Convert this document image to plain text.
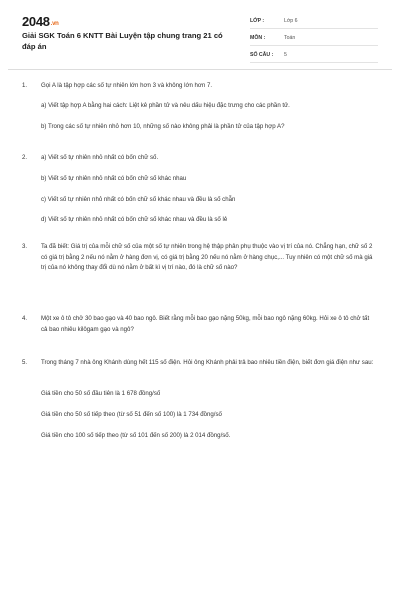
2048.vn
Giải SGK Toán 6 KNTT Bài Luyện tập chung trang 21 có đáp án
LỚP :	Lớp 6
MÔN :	Toán
SỐ CÂU :	5
1. Gọi A là tập hợp các số tự nhiên lớn hơn 3 và không lớn hơn 7.
a) Viết tập hợp A bằng hai cách: Liệt kê phần tử và nêu dấu hiệu đặc trưng cho các phần tử.
b) Trong các số tự nhiên nhỏ hơn 10, những số nào không phải là phần tử của tập hợp A?
2. a) Viết số tự nhiên nhỏ nhất có bốn chữ số.
b) Viết số tự nhiên nhỏ nhất có bốn chữ số khác nhau
c) Viết số tự nhiên nhỏ nhất có bốn chữ số khác nhau và đều là số chẵn
d) Viết số tự nhiên nhỏ nhất có bốn chữ số khác nhau và đều là số lẻ
3. Ta đã biết: Giá trị của mỗi chữ số của một số tự nhiên trong hệ thập phân phụ thuộc vào vị trí của nó. Chẳng hạn, chữ số 2 có giá trị bằng 2 nếu nó nằm ở hàng đơn vị, có giá trị bằng 20 nếu nó nằm ở hàng chục,... Tuy nhiên có một chữ số mà giá trị của nó không thay đổi dù nó nằm ở bất kì vị trí nào, đó là chữ số nào?
4. Một xe ô tô chở 30 bao gạo và 40 bao ngô. Biết rằng mỗi bao gạo nặng 50kg, mỗi bao ngô nặng 60kg. Hỏi xe ô tô chở tất cả bao nhiêu kilôgam gạo và ngô?
5. Trong tháng 7 nhà ông Khánh dùng hết 115 số điện. Hỏi ông Khánh phải trả bao nhiêu tiền điện, biết đơn giá điện như sau:
Giá tiền cho 50 số đầu tiên là 1 678 đồng/số
Giá tiền cho 50 số tiếp theo (từ số 51 đến số 100) là 1 734 đồng/số
Giá tiền cho 100 số tiếp theo (từ số 101 đến số 200) là 2 014 đồng/số.
